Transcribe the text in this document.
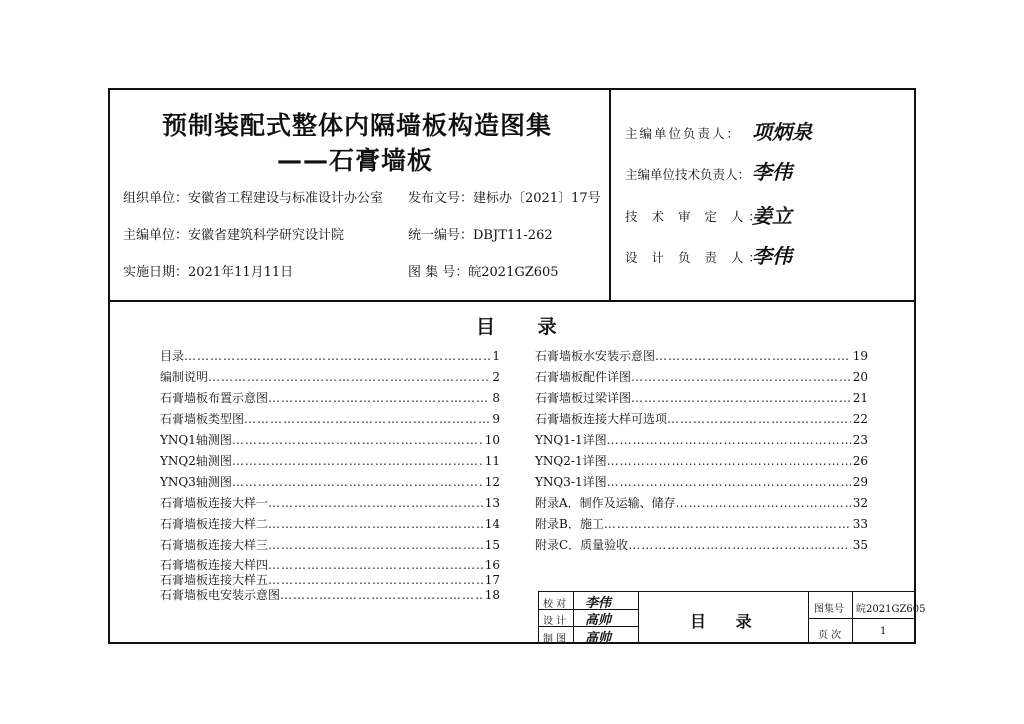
预制装配式整体内隔墙板构造图集
——石膏墙板
组织单位：安徽省工程建设与标准设计办公室 发布文号：建标办〔2021〕17号
主编单位：安徽省建筑科学研究设计院	统一编号：DBJT11-262
实施日期：2021年11月11日	图 集 号：皖2021GZ605
主编单位负责人： 项炳泉
主编单位技术负责人： 李伟
技 术 审 定 人：
姜立
设 计 负 责 人：
李伟
目 录
目录 ……………………………………………………………………………………………………………………………………………………………………………………	1
编制说明 ……………………………………………………………………………………………………………………………………………………………………………………	2
石膏墙板布置示意图 ……………………………………………………………………………………………………………………………………………………………………………………	8
石膏墙板类型图 ……………………………………………………………………………………………………………………………………………………………………………………	9
YNQ1轴测图 ……………………………………………………………………………………………………………………………………………………………………………………	10
YNQ2轴测图 ……………………………………………………………………………………………………………………………………………………………………………………	11
YNQ3轴测图 ……………………………………………………………………………………………………………………………………………………………………………………	12
石膏墙板连接大样一 ……………………………………………………………………………………………………………………………………………………………………………………	13
石膏墙板连接大样二 ……………………………………………………………………………………………………………………………………………………………………………………	14
石膏墙板连接大样三 ……………………………………………………………………………………………………………………………………………………………………………………	15
石膏墙板连接大样四 ……………………………………………………………………………………………………………………………………………………………………………………	16
石膏墙板连接大样五 ……………………………………………………………………………………………………………………………………………………………………………………	17
石膏墙板电安装示意图 ……………………………………………………………………………………………………………………………………………………………………………………	18
石膏墙板水安装示意图 ……………………………………………………………………………………………………………………………………………………………………………………	19
石膏墙板配件详图 ……………………………………………………………………………………………………………………………………………………………………………………	20
石膏墙板过梁详图 ……………………………………………………………………………………………………………………………………………………………………………………	21
石膏墙板连接大样可选项 ……………………………………………………………………………………………………………………………………………………………………………………	22
YNQ1-1详图 ……………………………………………………………………………………………………………………………………………………………………………………	23
YNQ2-1详图 ……………………………………………………………………………………………………………………………………………………………………………………	26
YNQ3-1详图 ……………………………………………………………………………………………………………………………………………………………………………………	29
附录A．制作及运输、储存 ……………………………………………………………………………………………………………………………………………………………………………………	32
附录B．施工 ……………………………………………………………………………………………………………………………………………………………………………………	33
附录C．质量验收 ……………………………………………………………………………………………………………………………………………………………………………………	35
校 对 李伟
设 计 高帅
制 图 高帅
目 录
图集号 皖2021GZ605
页 次	1
